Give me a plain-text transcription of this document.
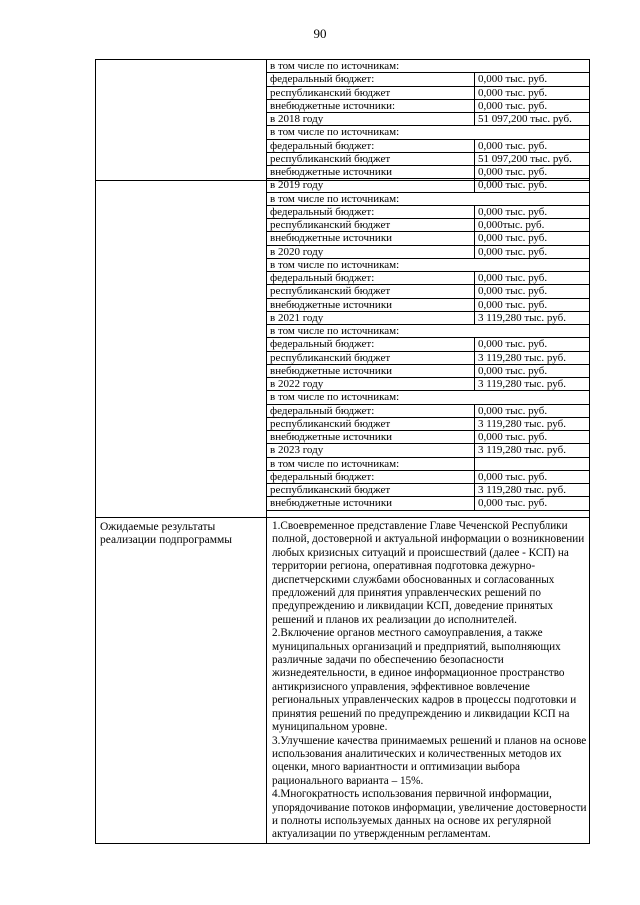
90
в том числе по источникам:
федеральный бюджет:	0,000 тыс. руб.
республиканский бюджет	0,000 тыс. руб.
внебюджетные источники:	0,000 тыс. руб.
в 2018 году	51 097,200 тыс. руб.
в том числе по источникам:
федеральный бюджет:	0,000 тыс. руб.
республиканский бюджет	51 097,200 тыс. руб.
внебюджетные источники	0,000 тыс. руб.
в 2019 году	0,000 тыс. руб.
в том числе по источникам:
федеральный бюджет:	0,000 тыс. руб.
республиканский бюджет	0,000тыс. руб.
внебюджетные источники	0,000 тыс. руб.
в 2020 году	0,000 тыс. руб.
в том числе по источникам:
федеральный бюджет:	0,000 тыс. руб.
республиканский бюджет	0,000 тыс. руб.
внебюджетные источники	0,000 тыс. руб.
в 2021 году	3 119,280 тыс. руб.
в том числе по источникам:
федеральный бюджет:	0,000 тыс. руб.
республиканский бюджет	3 119,280 тыс. руб.
внебюджетные источники	0,000 тыс. руб.
в 2022 году	3 119,280 тыс. руб.
в том числе по источникам:
федеральный бюджет:	0,000 тыс. руб.
республиканский бюджет	3 119,280 тыс. руб.
внебюджетные источники	0,000 тыс. руб.
в 2023 году	3 119,280 тыс. руб.
в том числе по источникам:
федеральный бюджет:	0,000 тыс. руб.
республиканский бюджет	3 119,280 тыс. руб.
внебюджетные источники	0,000 тыс. руб.
Ожидаемые результаты реализации подпрограммы

1.Своевременное представление Главе Чеченской Республики полной, достоверной и актуальной информации о возникновении любых кризисных ситуаций и происшествий (далее - КСП) на территории региона, оперативная подготовка дежурно-диспетчерскими службами обоснованных и согласованных предложений для принятия управленческих решений по предупреждению и ликвидации КСП, доведение принятых решений и планов их реализации до исполнителей.

2.Включение органов местного самоуправления, а также муниципальных организаций и предприятий, выполняющих различные задачи по обеспечению безопасности жизнедеятельности, в единое информационное пространство антикризисного управления, эффективное вовлечение региональных управленческих кадров в процессы подготовки и принятия решений по предупреждению и ликвидации КСП на муниципальном уровне.

3.Улучшение качества принимаемых решений и планов на основе использования аналитических и количественных методов их оценки, много вариантности и оптимизации выбора рационального варианта – 15%.

4.Многократность использования первичной информации, упорядочивание потоков информации, увеличение достоверности и полноты используемых данных на основе их регулярной актуализации по утвержденным регламентам.
